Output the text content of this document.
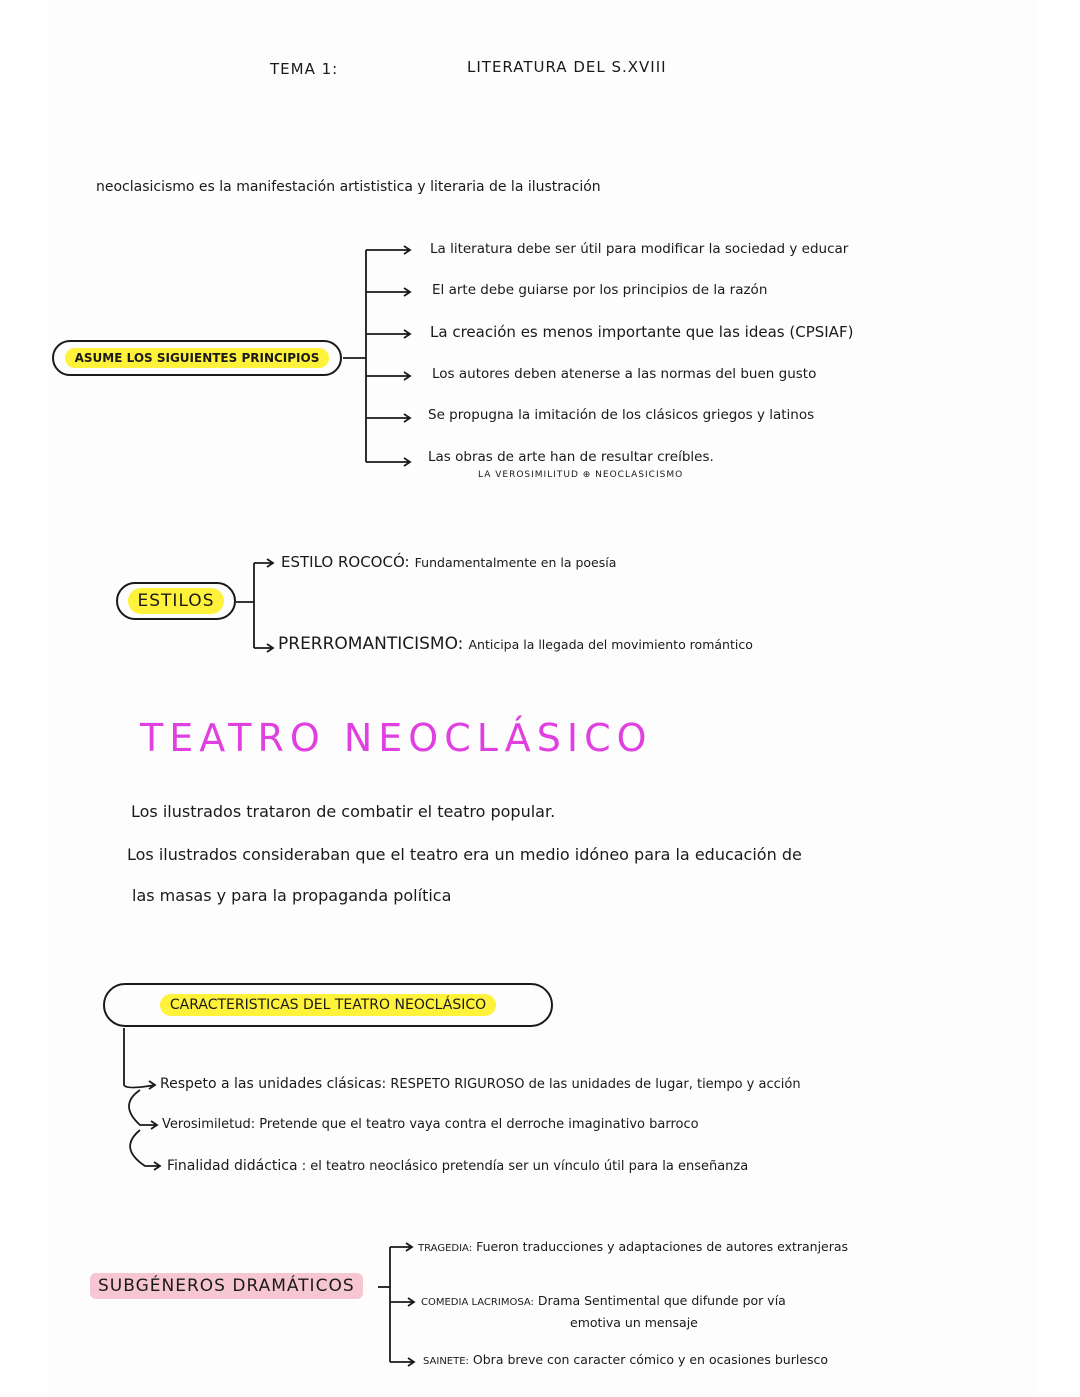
TEMA 1:	LITERATURA DEL S.XVIII
neoclasicismo es la manifestación artististica y literaria de la ilustración
ASUME LOS SIGUIENTES PRINCIPIOS
La literatura debe ser útil para modificar la sociedad y educar
El arte debe guiarse por los principios de la razón
La creación es menos importante que las ideas (CPSIAF)
Los autores deben atenerse a las normas del buen gusto
Se propugna la imitación de los clásicos griegos y latinos
Las obras de arte han de resultar creíbles.
LA VEROSIMILITUD ⊕ NEOCLASICISMO
ESTILOS
ESTILO ROCOCÓ: Fundamentalmente en la poesía
PRERROMANTICISMO: Anticipa la llegada del movimiento romántico
TEATRO NEOCLÁSICO
Los ilustrados trataron de combatir el teatro popular.
Los ilustrados consideraban que el teatro era un medio idóneo para la educación de
las masas y para la propaganda política
CARACTERISTICAS DEL TEATRO NEOCLÁSICO
Respeto a las unidades clásicas: RESPETO RIGUROSO de las unidades de lugar, tiempo y acción
Verosimiletud: Pretende que el teatro vaya contra el derroche imaginativo barroco
Finalidad didáctica : el teatro neoclásico pretendía ser un vínculo útil para la enseñanza
SUBGÉNEROS DRAMÁTICOS
TRAGEDIA: Fueron traducciones y adaptaciones de autores extranjeras
COMEDIA LACRIMOSA: Drama Sentimental que difunde por vía
emotiva un mensaje
SAINETE: Obra breve con caracter cómico y en ocasiones burlesco
